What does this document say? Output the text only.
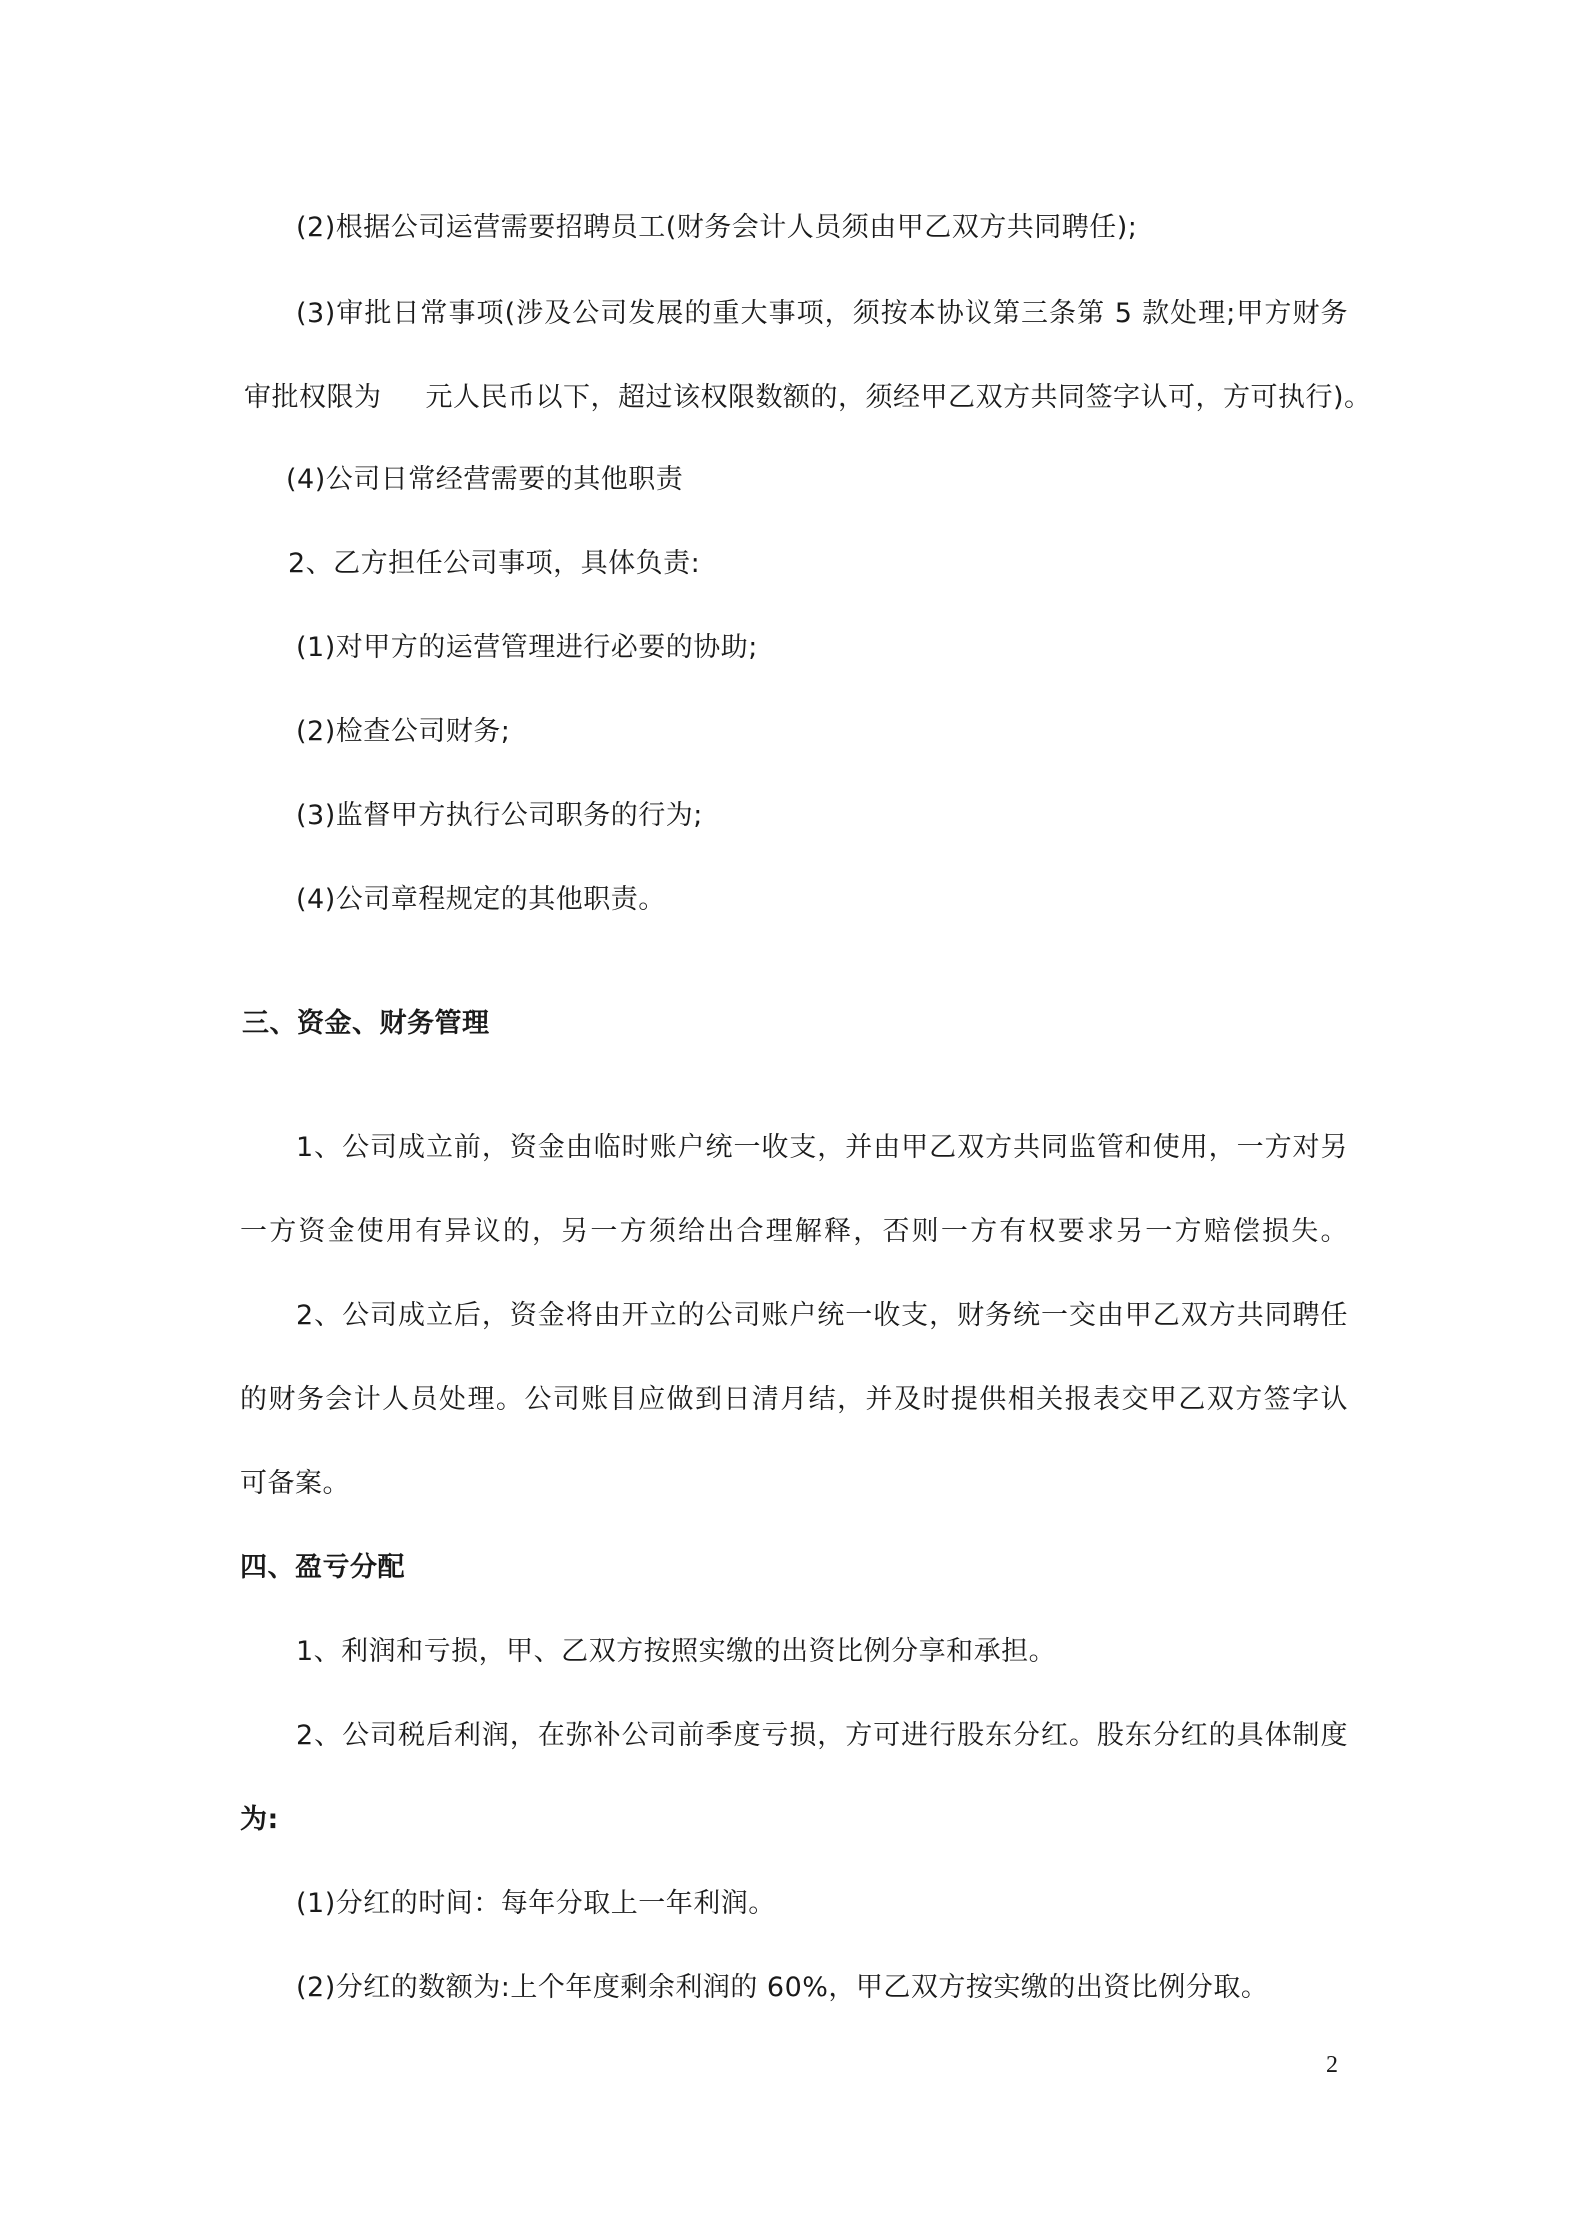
(2)根据公司运营需要招聘员工(财务会计人员须由甲乙双方共同聘任);
(3)审批日常事项(涉及公司发展的重大事项，须按本协议第三条第 5 款处理;甲方财务
审批权限为 元人民币以下，超过该权限数额的，须经甲乙双方共同签字认可，方可执行)。
(4)公司日常经营需要的其他职责
2、乙方担任公司事项，具体负责:
(1)对甲方的运营管理进行必要的协助;
(2)检查公司财务;
(3)监督甲方执行公司职务的行为;
(4)公司章程规定的其他职责。
三、资金、财务管理
1、公司成立前，资金由临时账户统一收支，并由甲乙双方共同监管和使用，一方对另
一方资金使用有异议的，另一方须给出合理解释，否则一方有权要求另一方赔偿损失。
2、公司成立后，资金将由开立的公司账户统一收支，财务统一交由甲乙双方共同聘任
的财务会计人员处理。公司账目应做到日清月结，并及时提供相关报表交甲乙双方签字认
可备案。
四、盈亏分配
1、利润和亏损，甲、乙双方按照实缴的出资比例分享和承担。
2、公司税后利润，在弥补公司前季度亏损，方可进行股东分红。股东分红的具体制度
为:
(1)分红的时间：每年分取上一年利润。
(2)分红的数额为:上个年度剩余利润的 60%，甲乙双方按实缴的出资比例分取。
2
